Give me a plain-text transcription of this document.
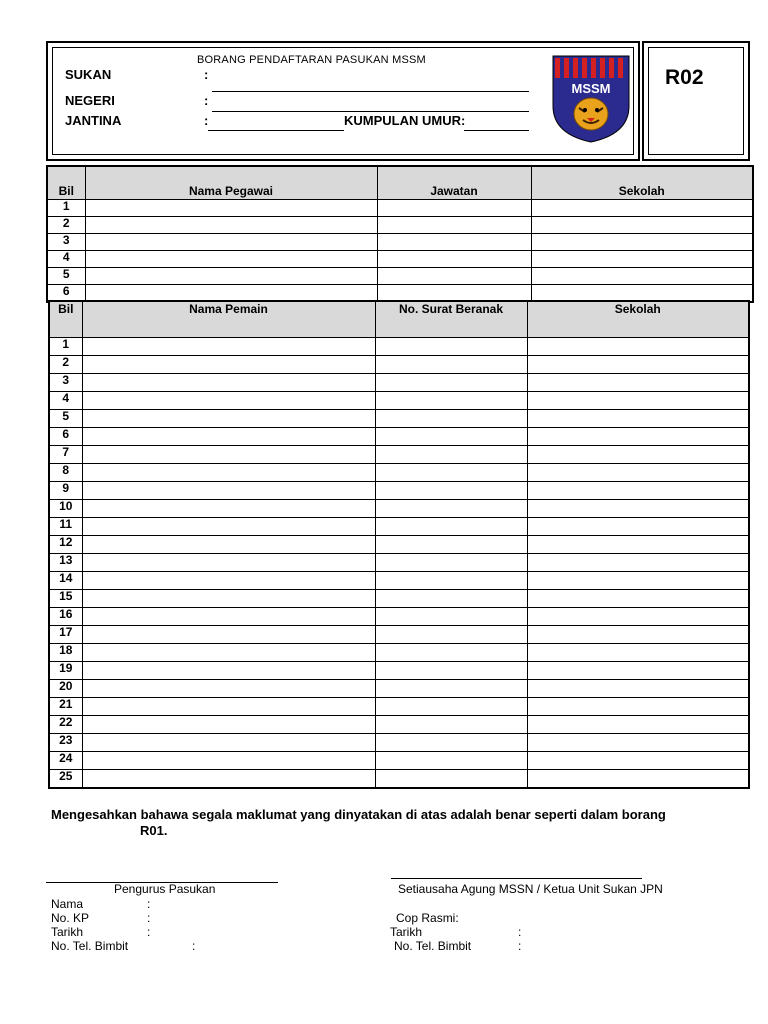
BORANG PENDAFTARAN PASUKAN MSSM
R02
SUKAN	:
NEGERI	:
JANTINA	:	KUMPULAN UMUR:
MSSM
Bil	Nama Pegawai	Jawatan	Sekolah
1			
2			
3			
4			
5			
6			
Bil	Nama Pemain	No. Surat Beranak	Sekolah
1			
2			
3			
4			
5			
6			
7			
8			
9			
10			
11			
12			
13			
14			
15			
16			
17			
18			
19			
20			
21			
22			
23			
24			
25			
Mengesahkan bahawa segala maklumat yang dinyatakan di atas adalah benar seperti dalam borang
R01.
Pengurus Pasukan
Nama	:
No. KP	:
Tarikh	:
No. Tel. Bimbit	:
Setiausaha Agung MSSN / Ketua Unit Sukan JPN
Cop Rasmi:
Tarikh	:
No. Tel. Bimbit	:
